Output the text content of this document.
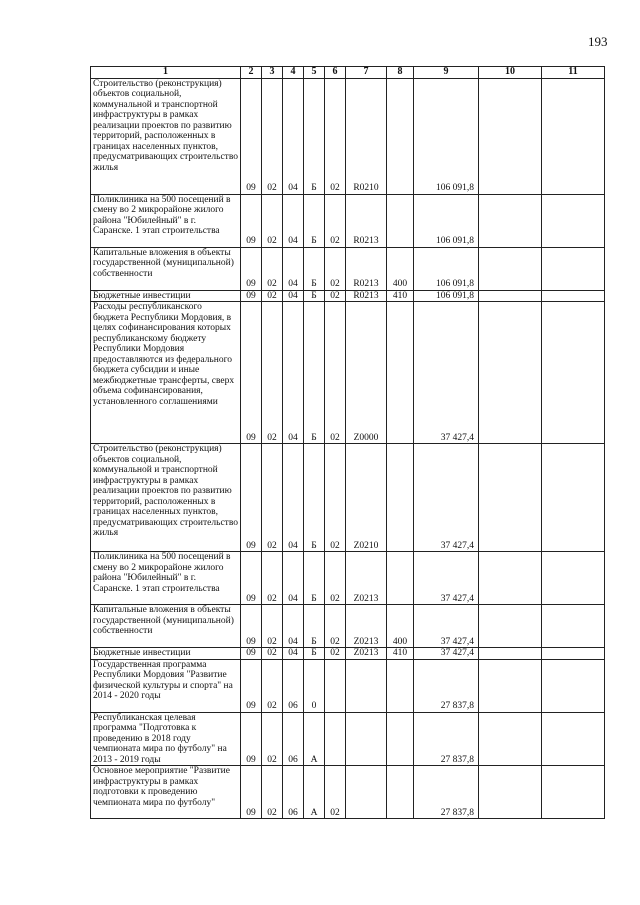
193
1	2	3	4	5	6	7	8	9	10	11
Строительство (реконструкция) объектов социальной, коммунальной и транспортной инфраструктуры в рамках реализации проектов по развитию территорий, расположенных в границах населенных пунктов, предусматривающих строительство жилья	09	02	04	Б	02	R0210		106 091,8		
Поликлиника на 500 посещений в смену во 2 микрорайоне жилого района "Юбилейный" в г. Саранске. 1 этап строительства	09	02	04	Б	02	R0213		106 091,8		
Капитальные вложения в объекты государственной (муниципальной) собственности	09	02	04	Б	02	R0213	400	106 091,8		
Бюджетные инвестиции	09	02	04	Б	02	R0213	410	106 091,8		
Расходы республиканского бюджета Республики Мордовия, в целях софинансирования которых республиканскому бюджету Республики Мордовия предоставляются из федерального бюджета субсидии и иные межбюджетные трансферты, сверх объема софинансирования, установленного соглашениями	09	02	04	Б	02	Z0000		37 427,4		
Строительство (реконструкция) объектов социальной, коммунальной и транспортной инфраструктуры в рамках реализации проектов по развитию территорий, расположенных в границах населенных пунктов, предусматривающих строительство жилья	09	02	04	Б	02	Z0210		37 427,4		
Поликлиника на 500 посещений в смену во 2 микрорайоне жилого района "Юбилейный" в г. Саранске. 1 этап строительства	09	02	04	Б	02	Z0213		37 427,4		
Капитальные вложения в объекты государственной (муниципальной) собственности	09	02	04	Б	02	Z0213	400	37 427,4		
Бюджетные инвестиции	09	02	04	Б	02	Z0213	410	37 427,4		
Государственная программа Республики Мордовия "Развитие физической культуры и спорта" на 2014 - 2020 годы	09	02	06	0				27 837,8		
Республиканская целевая программа "Подготовка к проведению в 2018 году чемпионата мира по футболу" на 2013 - 2019 годы	09	02	06	А				27 837,8		
Основное мероприятие "Развитие инфраструктуры в рамках подготовки к проведению чемпионата мира по футболу"	09	02	06	А	02			27 837,8		
